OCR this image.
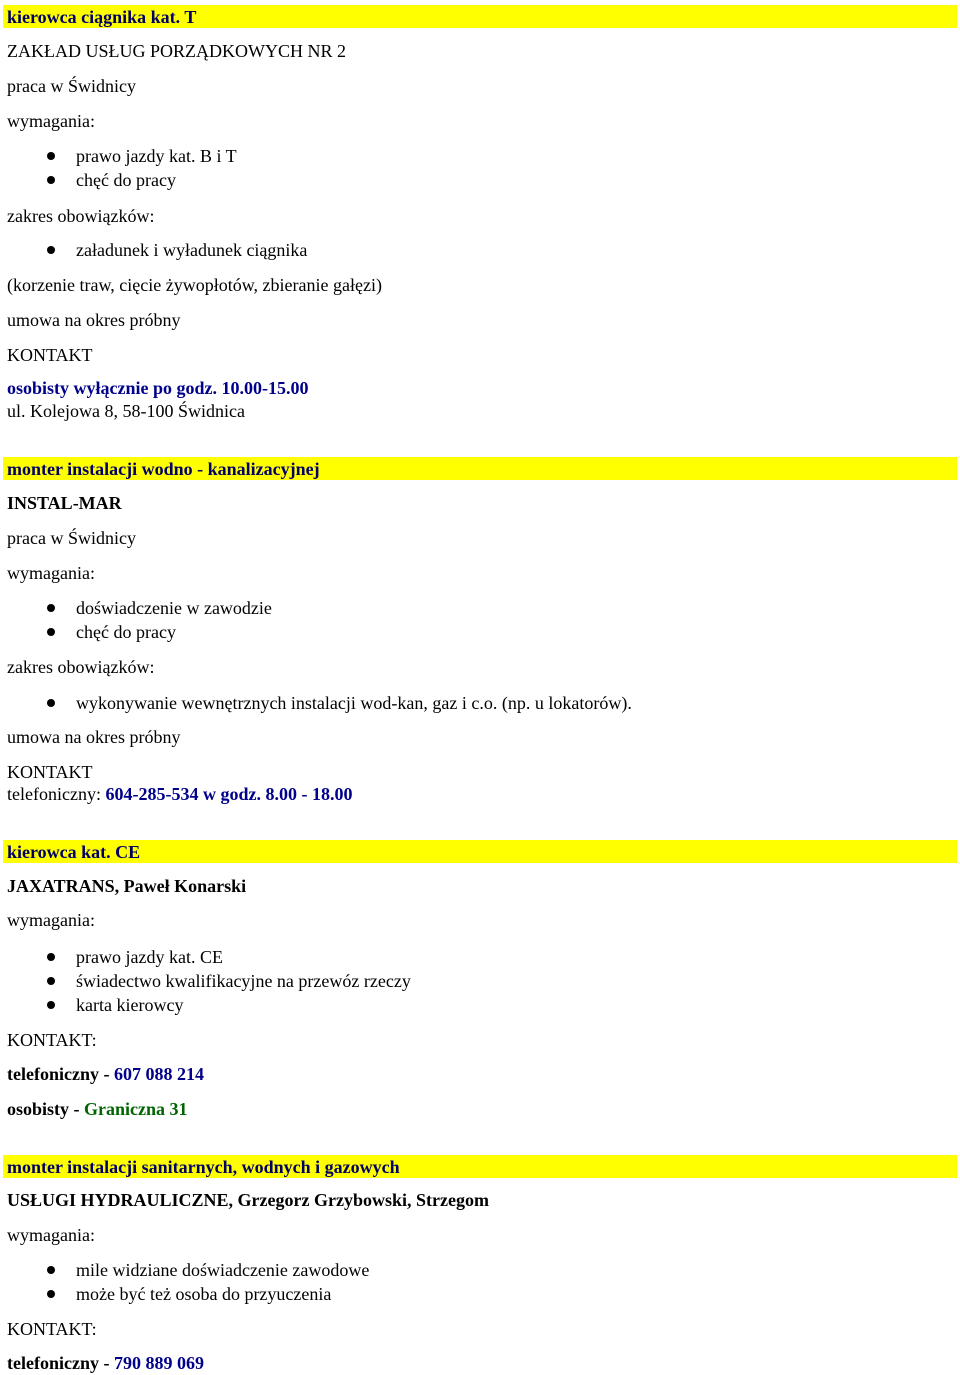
kierowca ciągnika kat. T
ZAKŁAD USŁUG PORZĄDKOWYCH NR 2
praca w Świdnicy
wymagania:
prawo jazdy kat. B i T
chęć do pracy
zakres obowiązków:
załadunek i wyładunek ciągnika
(korzenie traw, cięcie żywopłotów, zbieranie gałęzi)
umowa na okres próbny
KONTAKT
osobisty wyłącznie po godz. 10.00-15.00
ul. Kolejowa 8, 58-100 Świdnica
monter instalacji wodno - kanalizacyjnej
INSTAL-MAR
praca w Świdnicy
wymagania:
doświadczenie w zawodzie
chęć do pracy
zakres obowiązków:
wykonywanie wewnętrznych instalacji wod-kan, gaz i c.o. (np. u lokatorów).
umowa na okres próbny
KONTAKT
telefoniczny: 604-285-534 w godz. 8.00 - 18.00
kierowca kat. CE
JAXATRANS, Paweł Konarski
wymagania:
prawo jazdy kat. CE
świadectwo kwalifikacyjne na przewóz rzeczy
karta kierowcy
KONTAKT:
telefoniczny - 607 088 214
osobisty - Graniczna 31
monter instalacji sanitarnych, wodnych i gazowych
USŁUGI HYDRAULICZNE, Grzegorz Grzybowski, Strzegom
wymagania:
mile widziane doświadczenie zawodowe
może być też osoba do przyuczenia
KONTAKT:
telefoniczny - 790 889 069
